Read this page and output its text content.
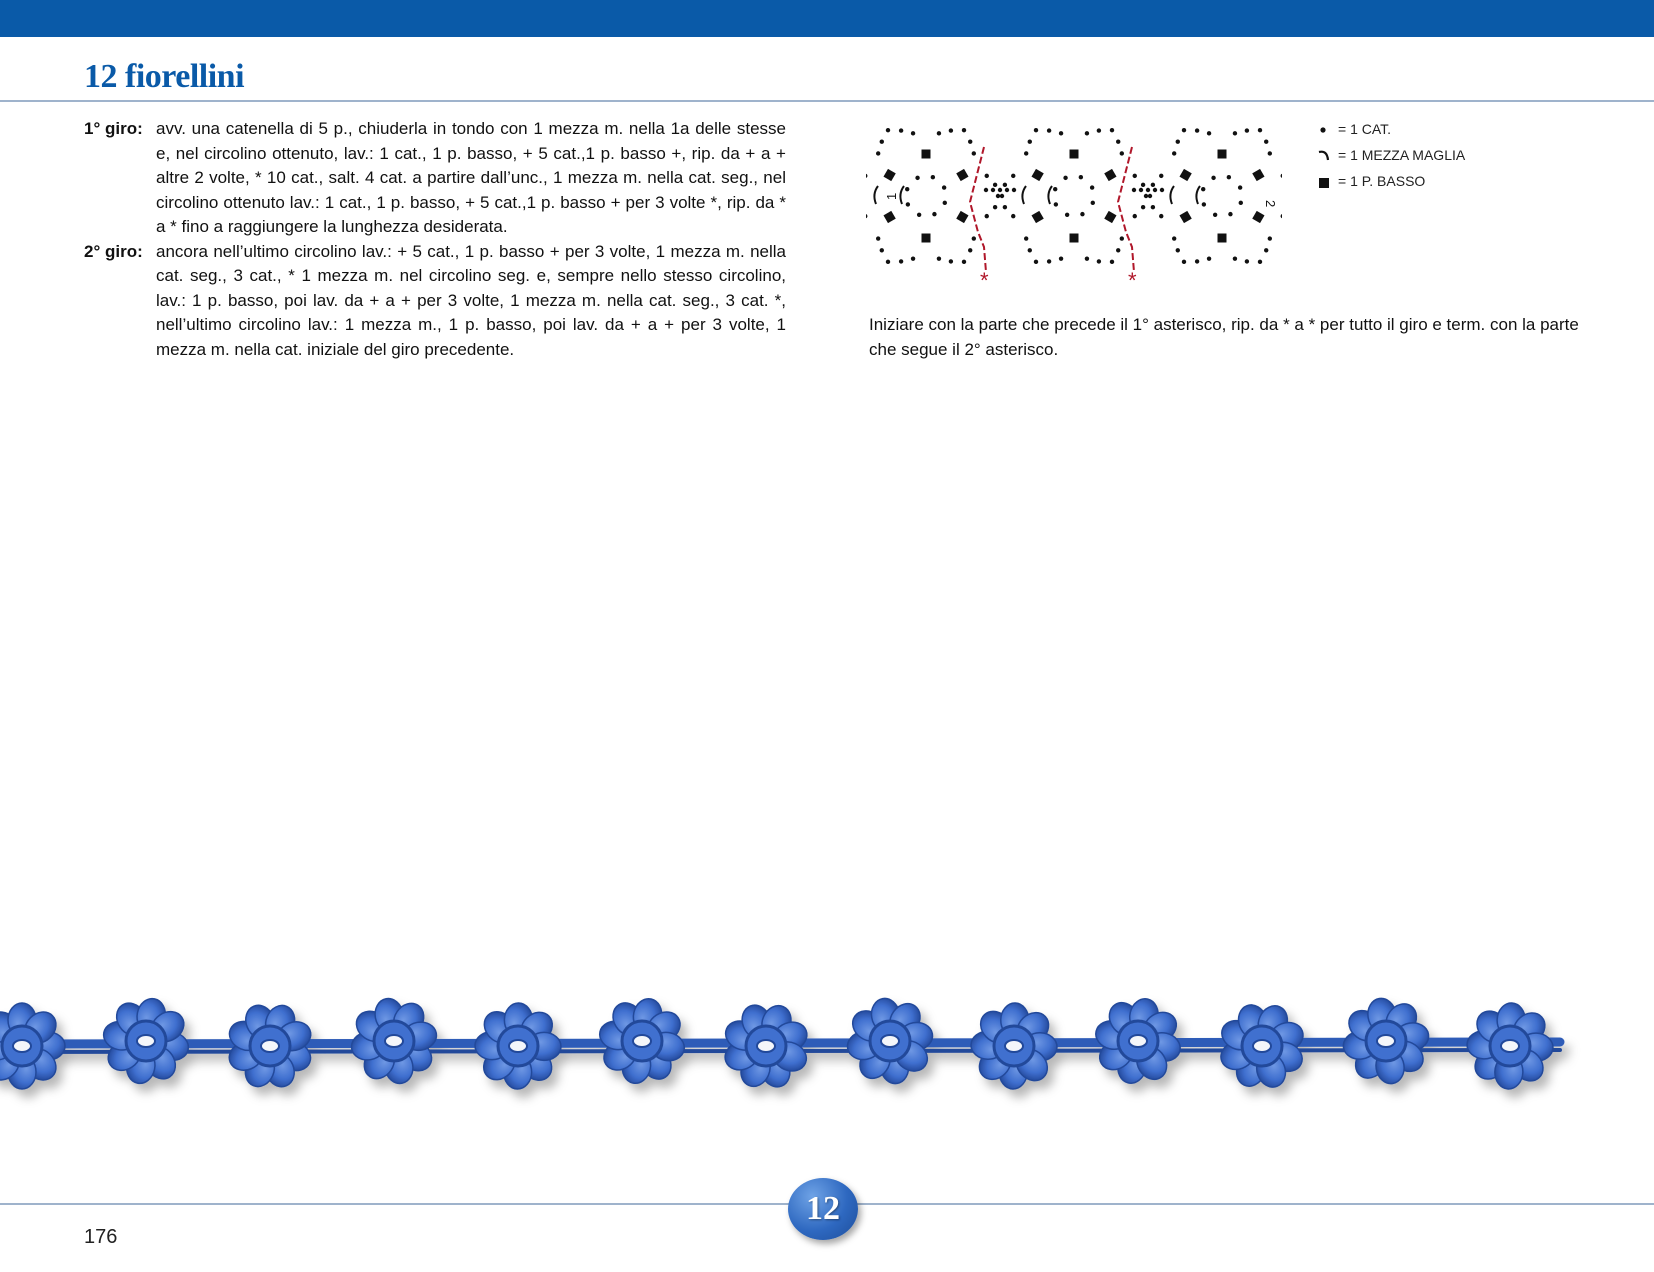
12 fiorellini

1° giro: avv. una catenella di 5 p., chiuderla in tondo con 1 mezza m. nella 1a delle stesse e, nel circolino ottenuto, lav.: 1 cat., 1 p. basso, + 5 cat.,1 p. basso +, rip. da + a + altre 2 volte, * 10 cat., salt. 4 cat. a partire dall’unc., 1 mezza m. nella cat. seg., nel circolino ottenuto lav.: 1 cat., 1 p. basso, + 5 cat.,1 p. basso + per 3 volte *, rip. da * a * fino a raggiungere la lunghezza desiderata.

2° giro: ancora nell’ultimo circolino lav.: + 5 cat., 1 p. basso + per 3 volte, 1 mezza m. nella cat. seg., 3 cat., * 1 mezza m. nel circolino seg. e, sempre nello stesso circolino, lav.: 1 p. basso, poi lav. da + a + per 3 volte, 1 mezza m. nella cat. seg., 3 cat. *, nell’ultimo circolino lav.: 1 mezza m., 1 p. basso, poi lav. da + a + per 3 volte, 1 mezza m. nella cat. iniziale del giro precedente.

*	*
1
2
= 1 CAT.
= 1 MEZZA MAGLIA
= 1 P. BASSO

Iniziare con la parte che precede il 1° asterisco, rip. da * a * per tutto il giro e term. con la parte che segue il 2° asterisco.

12
176
